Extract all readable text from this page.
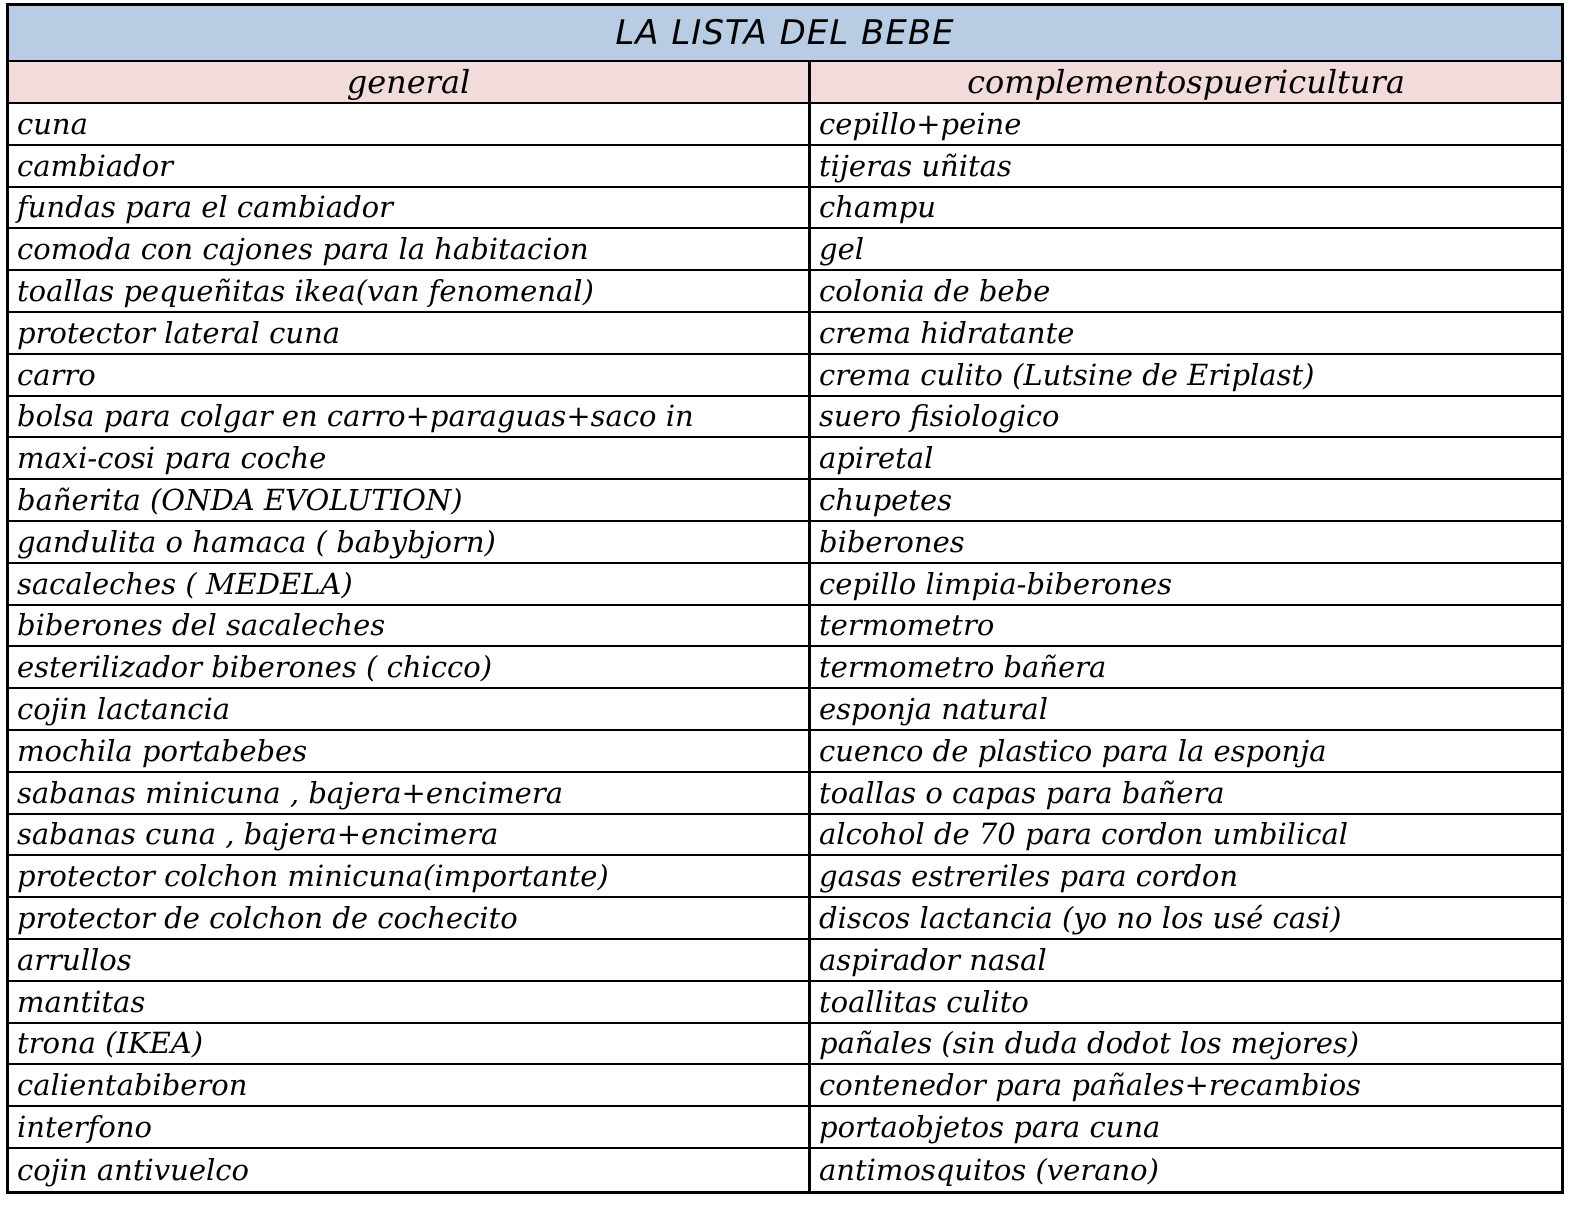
LA LISTA DEL BEBE
general	complementospuericultura
cuna	cepillo+peine
cambiador	tijeras uñitas
fundas para el cambiador	champu
comoda con cajones para la habitacion	gel
toallas pequeñitas ikea(van fenomenal)	colonia de bebe
protector lateral cuna	crema hidratante
carro	crema culito (Lutsine de Eriplast)
bolsa para colgar en carro+paraguas+saco in	suero fisiologico
maxi-cosi para coche	apiretal
bañerita (ONDA EVOLUTION)	chupetes
gandulita o hamaca ( babybjorn)	biberones
sacaleches ( MEDELA)	cepillo limpia-biberones
biberones del sacaleches	termometro
esterilizador biberones ( chicco)	termometro bañera
cojin lactancia	esponja natural
mochila portabebes	cuenco de plastico para la esponja
sabanas minicuna , bajera+encimera	toallas o capas para bañera
sabanas cuna , bajera+encimera	alcohol de 70 para cordon umbilical
protector colchon minicuna(importante)	gasas estreriles para cordon
protector de colchon de cochecito	discos lactancia (yo no los usé casi)
arrullos	aspirador nasal
mantitas	toallitas culito
trona (IKEA)	pañales (sin duda dodot los mejores)
calientabiberon	contenedor para pañales+recambios
interfono	portaobjetos para cuna
cojin antivuelco	antimosquitos (verano)
